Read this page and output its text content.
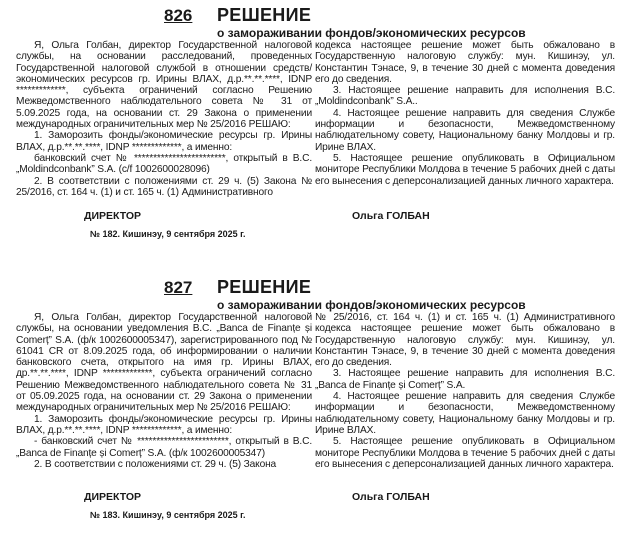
826 РЕШЕНИЕ
о замораживании фондов/экономических ресурсов

Я, Ольга Голбан, директор Государственной налоговой службы, на основании расследований, проведенных Государственной налоговой службой в отношении средств/экономических ресурсов гр. Ирины ВЛАХ, д.р.**.**.****, IDNP *************, субъекта ограничений согласно Решению Межведомственного наблюдательного совета № 31 от 5.09.2025 года, на основании ст. 29 Закона о применении международных ограничительных мер № 25/2016 РЕШАЮ:

1. Заморозить фонды/экономические ресурсы гр. Ирины ВЛАХ, д.р.**.**.****, IDNP *************, а именно:

банковский счет № ************************, открытый в В.С. „Moldindconbank” S.A. (c/f 1002600028096)

2. В соответствии с положениями ст. 29 ч. (5) Закона № 25/2016, ст. 164 ч. (1) и ст. 165 ч. (1) Административного

кодекса настоящее решение может быть обжаловано в Государственную налоговую службу: мун. Кишинэу, ул. Константин Тэнасе, 9, в течение 30 дней с момента доведения его до сведения.

3. Настоящее решение направить для исполнения В.С. „Moldindconbank” S.A..

4. Настоящее решение направить для сведения Службе информации и безопасности, Межведомственному наблюдательному совету, Национальному банку Молдовы и гр. Ирине ВЛАХ.

5. Настоящее решение опубликовать в Официальном мониторе Республики Молдова в течение 5 рабочих дней с даты его вынесения с деперсонализацией данных личного характера.

ДИРЕКТОР	Ольга ГОЛБАН
№ 182. Кишинэу, 9 сентября 2025 г.
827 РЕШЕНИЕ
о замораживании фондов/экономических ресурсов

Я, Ольга Голбан, директор Государственной налоговой службы, на основании уведомления В.С. „Banca de Finanțe și Comerț” S.A. (ф/к 1002600005347), зарегистрированного под № 61041 CR от 8.09.2025 года, об информировании о наличии банковского счета, открытого на имя гр. Ирины ВЛАХ, др.**.**.****, IDNP *************, субъекта ограничений согласно Решению Межведомственного наблюдательного совета № 31 от 05.09.2025 года, на основании ст. 29 Закона о применении международных ограничительных мер № 25/2016 РЕШАЮ:

1. Заморозить фонды/экономические ресурсы гр. Ирины ВЛАХ, д.р.**.**.****, IDNP *************, а именно:

- банковский счет № ************************, открытый в В.С. „Banca de Finanțe și Comerț” S.A. (ф/к 1002600005347)

2. В соответствии с положениями ст. 29 ч. (5) Закона

№ 25/2016, ст. 164 ч. (1) и ст. 165 ч. (1) Административного кодекса настоящее решение может быть обжаловано в Государственную налоговую службу: мун. Кишинэу, ул. Константин Тэнасе, 9, в течение 30 дней с момента доведения его до сведения.

3. Настоящее решение направить для исполнения В.С. „Banca de Finanțe și Comerț” S.A.

4. Настоящее решение направить для сведения Службе информации и безопасности, Межведомственному наблюдательному совету, Национальному банку Молдовы и гр. Ирине ВЛАХ.

5. Настоящее решение опубликовать в Официальном мониторе Республики Молдова в течение 5 рабочих дней с даты его вынесения с деперсонализацией данных личного характера.

ДИРЕКТОР	Ольга ГОЛБАН
№ 183. Кишинэу, 9 сентября 2025 г.
